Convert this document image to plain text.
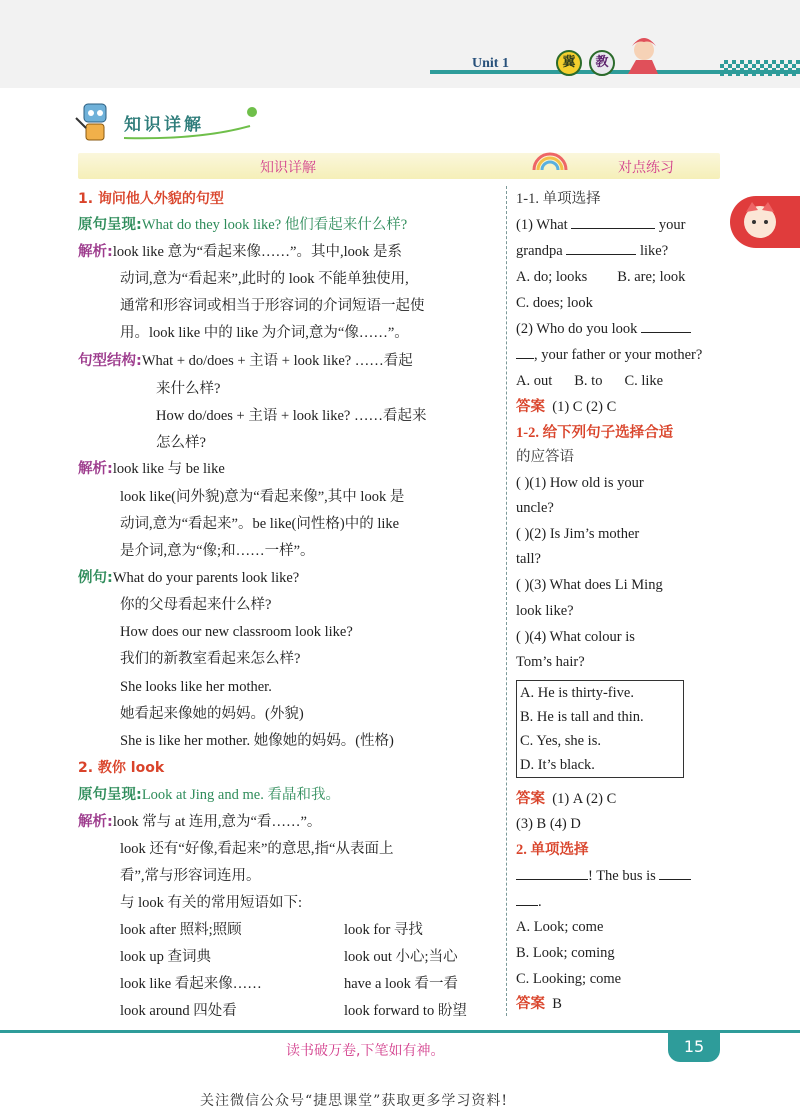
Unit 1	冀	教
知识详解
知识详解	对点练习
1. 询问他人外貌的句型
原句呈现:What do they look like? 他们看起来什么样?
解析:look like 意为“看起来像……”。其中,look 是系
动词,意为“看起来”,此时的 look 不能单独使用,
通常和形容词或相当于形容词的介词短语一起使
用。look like 中的 like 为介词,意为“像……”。
句型结构:What + do/does + 主语 + look like? ……看起
来什么样?
How do/does + 主语 + look like? ……看起来
怎么样?
解析:look like 与 be like
look like(问外貌)意为“看起来像”,其中 look 是
动词,意为“看起来”。be like(问性格)中的 like
是介词,意为“像;和……一样”。
例句:What do your parents look like?
你的父母看起来什么样?
How does our new classroom look like?
我们的新教室看起来怎么样?
She looks like her mother.
她看起来像她的妈妈。(外貌)
She is like her mother. 她像她的妈妈。(性格)
2. 教你 look
原句呈现:Look at Jing and me. 看晶和我。
解析:look 常与 at 连用,意为“看……”。
look 还有“好像,看起来”的意思,指“从表面上
看”,常与形容词连用。
与 look 有关的常用短语如下:
look after 照料;照顾	look for 寻找
look up 查词典	look out 小心;当心
look like 看起来像……	have a look 看一看
look around 四处看	look forward to 盼望
1-1. 单项选择
(1) What	your
grandpa	like?
A. do; looks B. are; look
C. does; look
(2) Who do you look
, your father or your mother?
A. out B. to C. like
答案 (1) C (2) C
1-2. 给下列句子选择合适
的应答语
( )(1) How old is your
uncle?
( )(2) Is Jim’s mother
tall?
( )(3) What does Li Ming
look like?
( )(4) What colour is
Tom’s hair?
A. He is thirty-five.
B. He is tall and thin.
C. Yes, she is.
D. It’s black.
答案 (1) A (2) C
(3) B (4) D
2. 单项选择
! The bus is
.
A. Look; come
B. Look; coming
C. Looking; come
答案 B
读书破万卷,下笔如有神。	15
关注微信公众号“捷思课堂”获取更多学习资料!
